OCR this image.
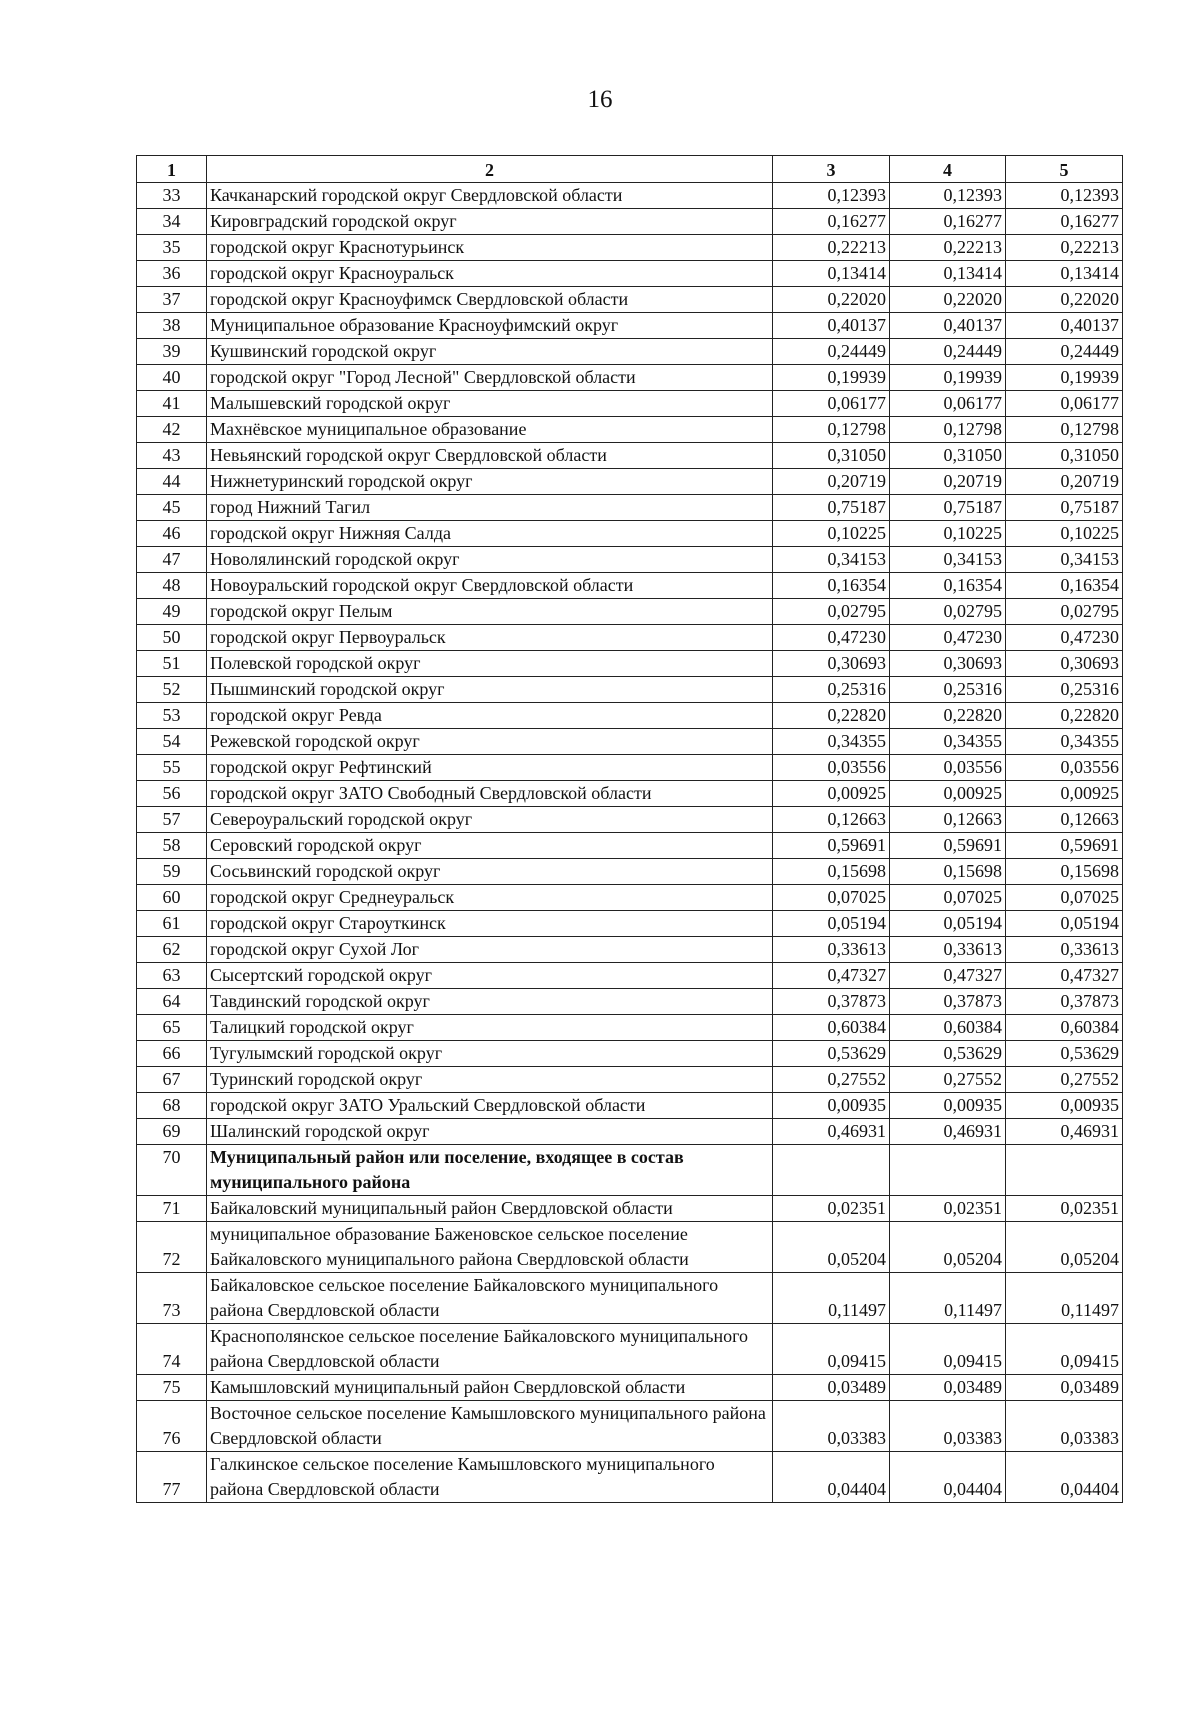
16
1	2	3	4	5
33	Качканарский городской округ Свердловской области	0,12393	0,12393	0,12393
34	Кировградский городской округ	0,16277	0,16277	0,16277
35	городской округ Краснотурьинск	0,22213	0,22213	0,22213
36	городской округ Красноуральск	0,13414	0,13414	0,13414
37	городской округ Красноуфимск Свердловской области	0,22020	0,22020	0,22020
38	Муниципальное образование Красноуфимский округ	0,40137	0,40137	0,40137
39	Кушвинский городской округ	0,24449	0,24449	0,24449
40	городской округ "Город Лесной" Свердловской области	0,19939	0,19939	0,19939
41	Малышевский городской округ	0,06177	0,06177	0,06177
42	Махнёвское муниципальное образование	0,12798	0,12798	0,12798
43	Невьянский городской округ Свердловской области	0,31050	0,31050	0,31050
44	Нижнетуринский городской округ	0,20719	0,20719	0,20719
45	город Нижний Тагил	0,75187	0,75187	0,75187
46	городской округ Нижняя Салда	0,10225	0,10225	0,10225
47	Новолялинский городской округ	0,34153	0,34153	0,34153
48	Новоуральский городской округ Свердловской области	0,16354	0,16354	0,16354
49	городской округ Пелым	0,02795	0,02795	0,02795
50	городской округ Первоуральск	0,47230	0,47230	0,47230
51	Полевской городской округ	0,30693	0,30693	0,30693
52	Пышминский городской округ	0,25316	0,25316	0,25316
53	городской округ Ревда	0,22820	0,22820	0,22820
54	Режевской городской округ	0,34355	0,34355	0,34355
55	городской округ Рефтинский	0,03556	0,03556	0,03556
56	городской округ ЗАТО Свободный Свердловской области	0,00925	0,00925	0,00925
57	Североуральский городской округ	0,12663	0,12663	0,12663
58	Серовский городской округ	0,59691	0,59691	0,59691
59	Сосьвинский городской округ	0,15698	0,15698	0,15698
60	городской округ Среднеуральск	0,07025	0,07025	0,07025
61	городской округ Староуткинск	0,05194	0,05194	0,05194
62	городской округ Сухой Лог	0,33613	0,33613	0,33613
63	Сысертский городской округ	0,47327	0,47327	0,47327
64	Тавдинский городской округ	0,37873	0,37873	0,37873
65	Талицкий городской округ	0,60384	0,60384	0,60384
66	Тугулымский городской округ	0,53629	0,53629	0,53629
67	Туринский городской округ	0,27552	0,27552	0,27552
68	городской округ ЗАТО Уральский Свердловской области	0,00935	0,00935	0,00935
69	Шалинский городской округ	0,46931	0,46931	0,46931
70	Муниципальный район или поселение, входящее в состав муниципального района			
71	Байкаловский муниципальный район Свердловской области	0,02351	0,02351	0,02351
72	муниципальное образование Баженовское сельское поселение Байкаловского муниципального района Свердловской области	0,05204	0,05204	0,05204
73	Байкаловское сельское поселение Байкаловского муниципального района Свердловской области	0,11497	0,11497	0,11497
74	Краснополянское сельское поселение Байкаловского муниципального района Свердловской области	0,09415	0,09415	0,09415
75	Камышловский муниципальный район Свердловской области	0,03489	0,03489	0,03489
76	Восточное сельское поселение Камышловского муниципального района Свердловской области	0,03383	0,03383	0,03383
77	Галкинское сельское поселение Камышловского муниципального района Свердловской области	0,04404	0,04404	0,04404
